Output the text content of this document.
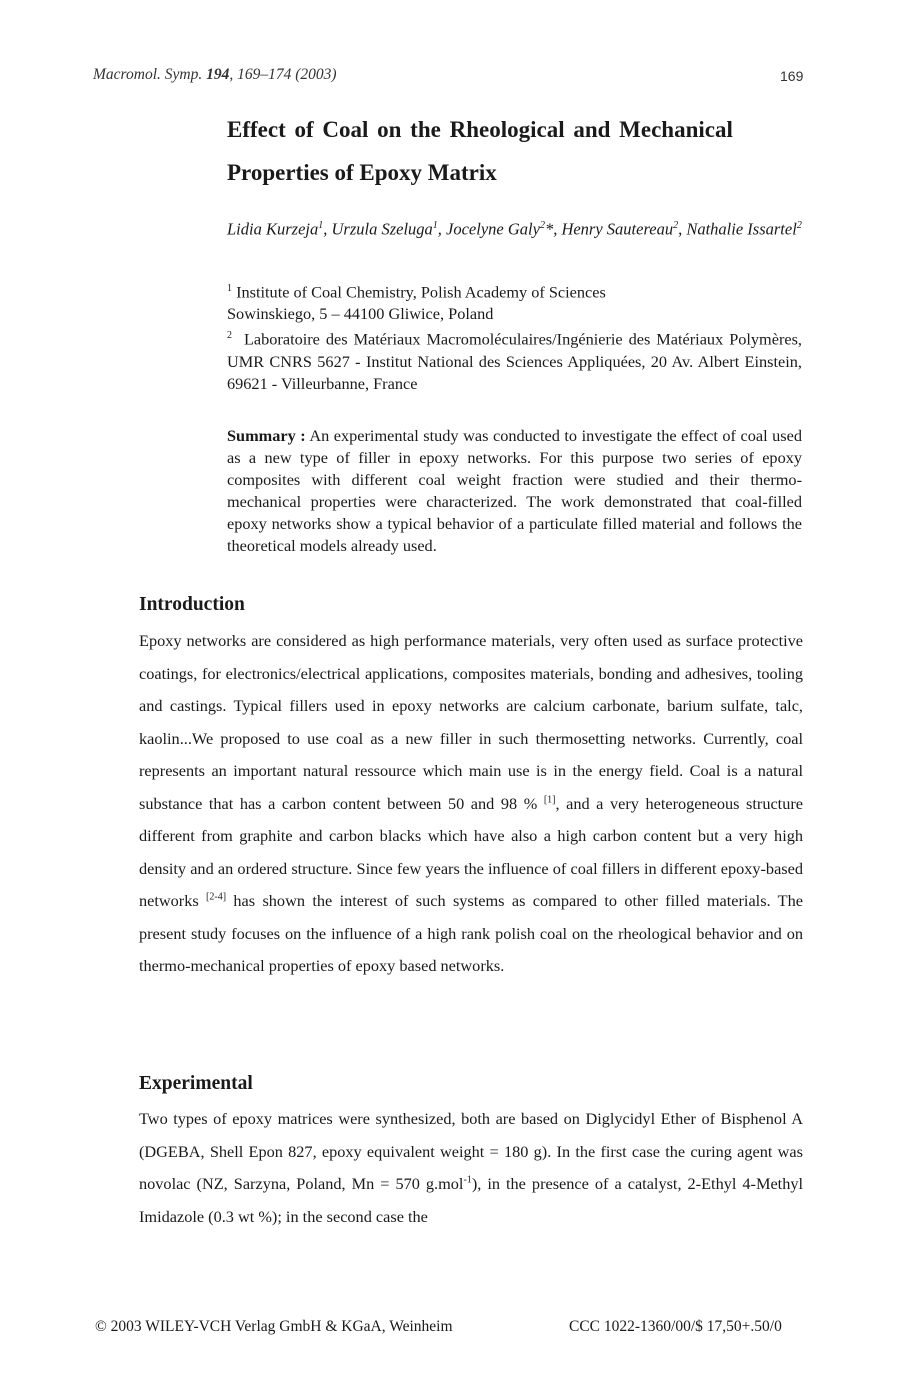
Macromol. Symp. 194, 169–174 (2003)	169
Effect of Coal on the Rheological and Mechanical
Properties of Epoxy Matrix
Lidia Kurzeja$^1$, Urzula Szeluga$^1$, Jocelyne Galy$^2$*, Henry Sautereau$^2$, Nathalie Issartel$^2$
$^1$ Institute of Coal Chemistry, Polish Academy of Sciences
Sowinskiego, 5 – 44100 Gliwice, Poland
$^2$ Laboratoire des Matériaux Macromoléculaires/Ingénierie des Matériaux Polymères, UMR CNRS 5627 - Institut National des Sciences Appliquées, 20 Av. Albert Einstein, 69621 - Villeurbanne, France
Summary : An experimental study was conducted to investigate the effect of coal used as a new type of filler in epoxy networks. For this purpose two series of epoxy composites with different coal weight fraction were studied and their thermo-mechanical properties were characterized. The work demonstrated that coal-filled epoxy networks show a typical behavior of a particulate filled material and follows the theoretical models already used.
Introduction
Epoxy networks are considered as high performance materials, very often used as surface protective coatings, for electronics/electrical applications, composites materials, bonding and adhesives, tooling and castings. Typical fillers used in epoxy networks are calcium carbonate, barium sulfate, talc, kaolin...We proposed to use coal as a new filler in such thermosetting networks. Currently, coal represents an important natural ressource which main use is in the energy field. Coal is a natural substance that has a carbon content between 50 and 98 % [1], and a very heterogeneous structure different from graphite and carbon blacks which have also a high carbon content but a very high density and an ordered structure. Since few years the influence of coal fillers in different epoxy-based networks [2-4] has shown the interest of such systems as compared to other filled materials. The present study focuses on the influence of a high rank polish coal on the rheological behavior and on thermo-mechanical properties of epoxy based networks.
Experimental
Two types of epoxy matrices were synthesized, both are based on Diglycidyl Ether of Bisphenol A (DGEBA, Shell Epon 827, epoxy equivalent weight = 180 g). In the first case the curing agent was novolac (NZ, Sarzyna, Poland, Mn = 570 g.mol$^{-1}$), in the presence of a catalyst, 2-Ethyl 4-Methyl Imidazole (0.3 wt %); in the second case the
© 2003 WILEY-VCH Verlag GmbH & KGaA, Weinheim	CCC 1022-1360/00/$ 17,50+.50/0
